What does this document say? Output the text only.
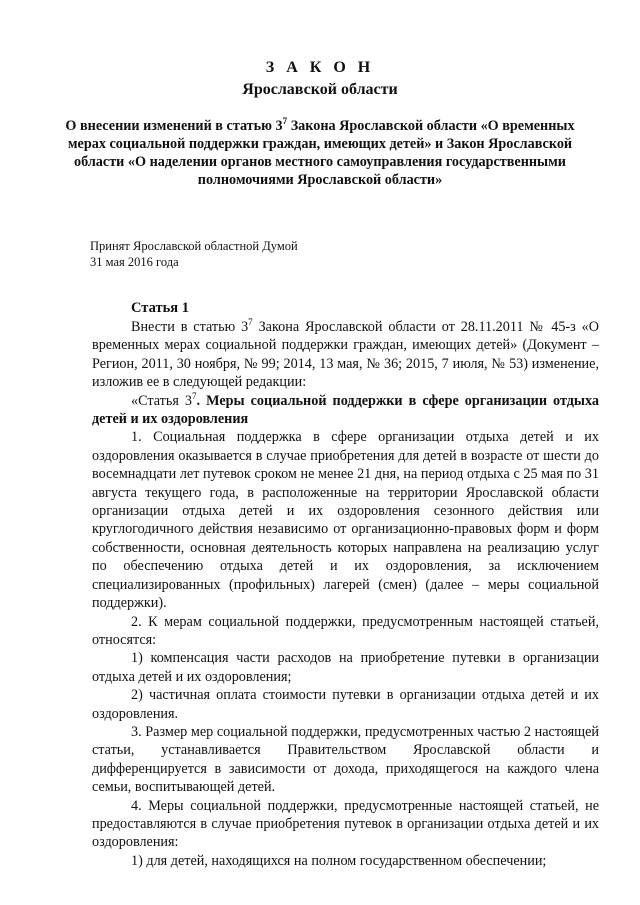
З А К О Н
Ярославской области
О внесении изменений в статью $3^7$ Закона Ярославской области «О временных мерах социальной поддержки граждан, имеющих детей» и Закон Ярославской области «О наделении органов местного самоуправления государственными полномочиями Ярославской области»
Принят Ярославской областной Думой
31 мая 2016 года
Статья 1

Внести в статью $3^7$ Закона Ярославской области от 28.11.2011 № 45-з «О временных мерах социальной поддержки граждан, имеющих детей» (Документ – Регион, 2011, 30 ноября, № 99; 2014, 13 мая, № 36; 2015, 7 июля, № 53) изменение, изложив ее в следующей редакции:

«Статья $3^7$. Меры социальной поддержки в сфере организации отдыха детей и их оздоровления

1. Социальная поддержка в сфере организации отдыха детей и их оздоровления оказывается в случае приобретения для детей в возрасте от шести до восемнадцати лет путевок сроком не менее 21 дня, на период отдыха с 25 мая по 31 августа текущего года, в расположенные на территории Ярославской области организации отдыха детей и их оздоровления сезонного действия или круглогодичного действия независимо от организационно-правовых форм и форм собственности, основная деятельность которых направлена на реализацию услуг по обеспечению отдыха детей и их оздоровления, за исключением специализированных (профильных) лагерей (смен) (далее – меры социальной поддержки).

2. К мерам социальной поддержки, предусмотренным настоящей статьей, относятся:

1) компенсация части расходов на приобретение путевки в организации отдыха детей и их оздоровления;

2) частичная оплата стоимости путевки в организации отдыха детей и их оздоровления.

3. Размер мер социальной поддержки, предусмотренных частью 2 настоящей статьи, устанавливается Правительством Ярославской области и дифференцируется в зависимости от дохода, приходящегося на каждого члена семьи, воспитывающей детей.

4. Меры социальной поддержки, предусмотренные настоящей статьей, не предоставляются в случае приобретения путевок в организации отдыха детей и их оздоровления:

1) для детей, находящихся на полном государственном обеспечении;
